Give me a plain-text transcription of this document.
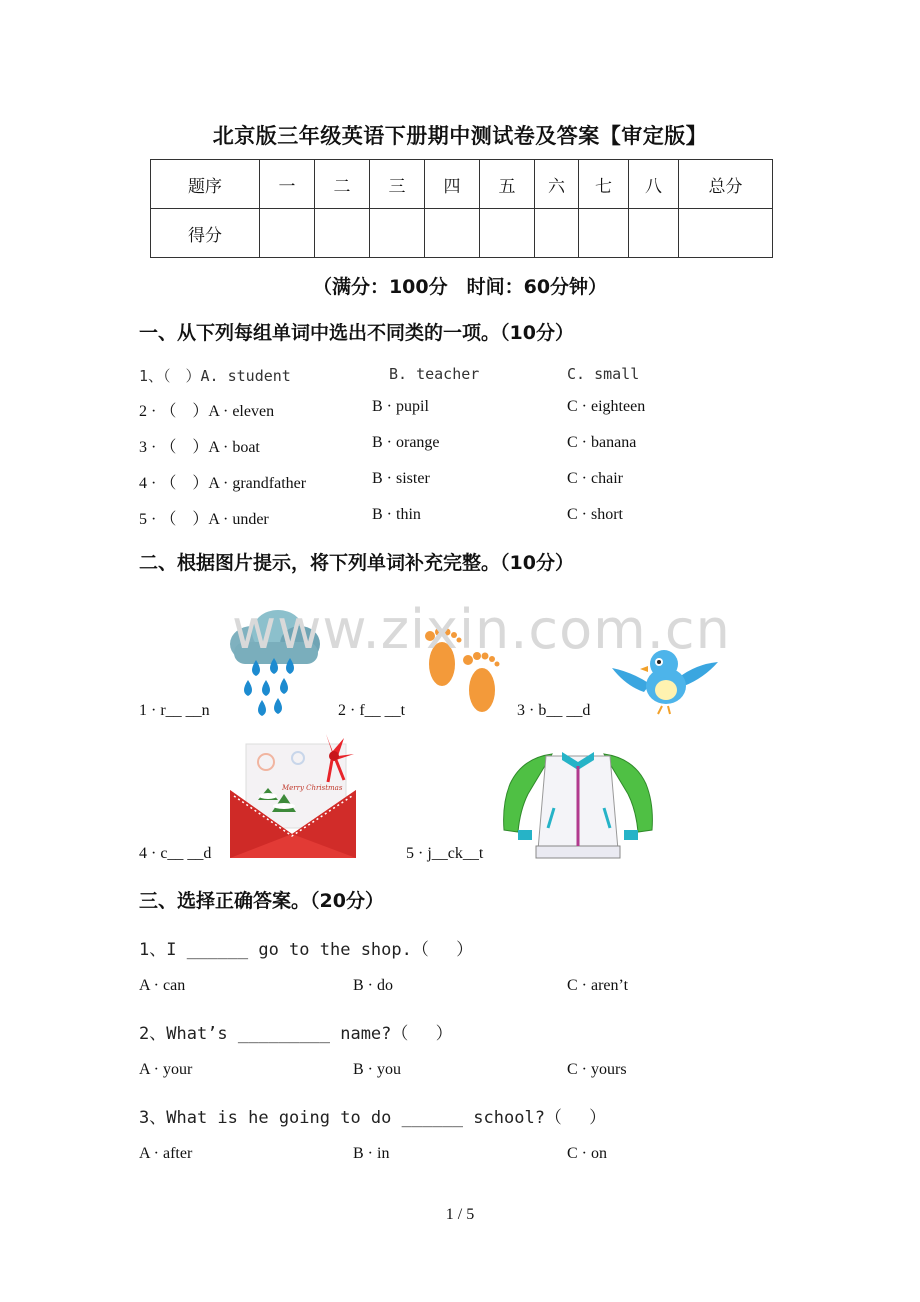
北京版三年级英语下册期中测试卷及答案【审定版】
题序	一	二	三	四	五	六	七	八	总分
得分									
（满分：100分　时间：60分钟）
一、从下列每组单词中选出不同类的一项。（10分）
1、（　）A. student	B. teacher	C. small
2 · （　）A · eleven	B · pupil	C · eighteen
3 · （　）A · boat	B · orange	C · banana
4 · （　）A · grandfather	B · sister	C · chair
5 · （　）A · under	B · thin	C · short
二、根据图片提示，将下列单词补充完整。（10分）
www.zixin.com.cn
1 · r__ __n	2 · f__ __t	3 · b__ __d
Merry Christmas
4 · c__ __d	5 · j__ck__t
三、选择正确答案。（20分）
1、I ______ go to the shop.（　 ）
A · can	B · do	C · aren’t
2、What’s _________ name?（　 ）
A · your	B · you	C · yours
3、What is he going to do ______ school?（　 ）
A · after	B · in	C · on
1 / 5
